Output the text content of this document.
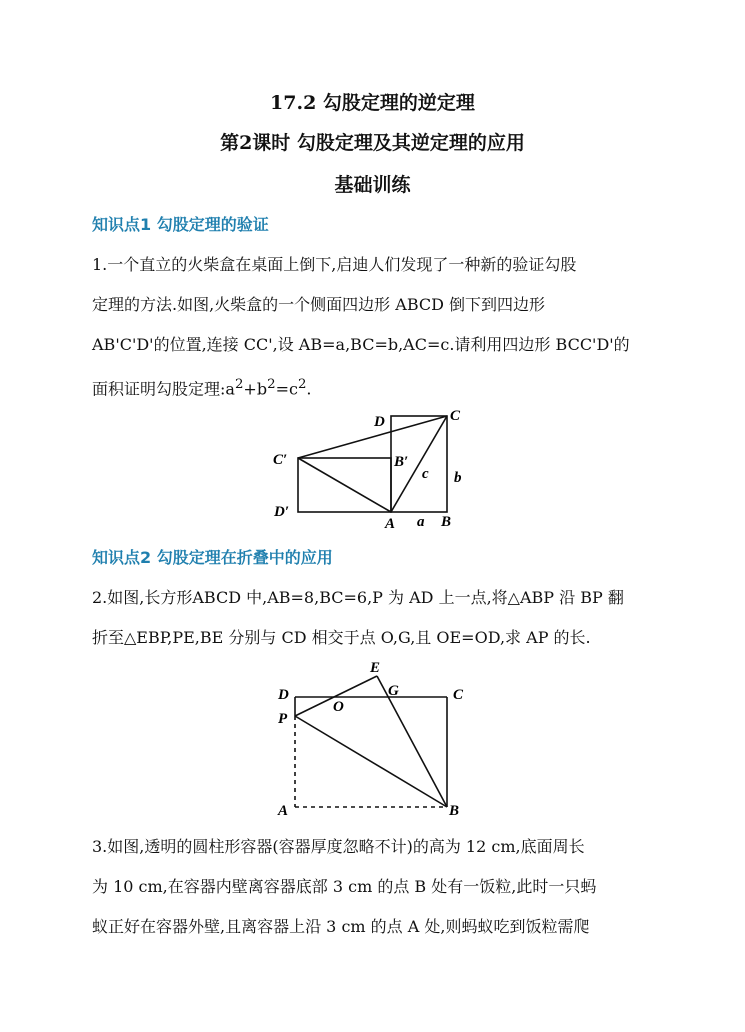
17.2 勾股定理的逆定理
第2课时 勾股定理及其逆定理的应用
基础训练
知识点1 勾股定理的验证

1.一个直立的火柴盒在桌面上倒下,启迪人们发现了一种新的验证勾股

定理的方法.如图,火柴盒的一个侧面四边形 ABCD 倒下到四边形

AB'C'D'的位置,连接 CC',设 AB=a,BC=b,AC=c.请利用四边形 BCC'D'的

面积证明勾股定理$:a^2+b^2=c^2$.

D	C
C′	B′
c b
D′
A a B
知识点2 勾股定理在折叠中的应用

2.如图,长方形ABCD 中,AB=8,BC=6,P 为 AD 上一点,将△ABP 沿 BP 翻

折至△EBP,PE,BE 分别与 CD 相交于点 O,G,且 OE=OD,求 AP 的长.

D
E
G	C
P
O
A	B

3.如图,透明的圆柱形容器(容器厚度忽略不计)的高为 12 cm,底面周长

为 10 cm,在容器内壁离容器底部 3 cm 的点 B 处有一饭粒,此时一只蚂

蚁正好在容器外壁,且离容器上沿 3 cm 的点 A 处,则蚂蚁吃到饭粒需爬
